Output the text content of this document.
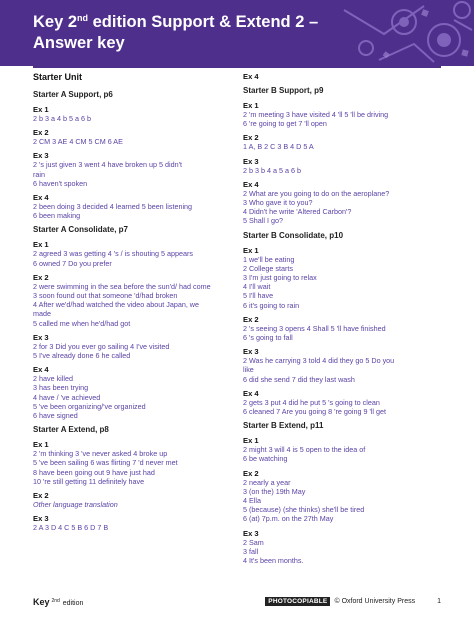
Key 2nd edition Support & Extend 2 –
Answer key
Starter Unit
Starter A Support, p6
Ex 1
2 b 3 a 4 b 5 a 6 b
Ex 2
2 CM 3 AE 4 CM 5 CM 6 AE
Ex 3
2 's just given 3 went 4 have broken up 5 didn't
rain
6 haven't spoken
Ex 4
2 been doing 3 decided 4 learned 5 been listening
6 been making
Starter A Consolidate, p7
Ex 1
2 agreed 3 was getting 4 's / is shouting 5 appears
6 owned 7 Do you prefer
Ex 2
2 were swimming in the sea before the sun'd/ had come
3 soon found out that someone 'd/had broken
4 After we'd/had watched the video about Japan, we
made
5 called me when he'd/had got
Ex 3
2 for 3 Did you ever go sailing 4 I've visited
5 I've already done 6 he called
Ex 4
2 have killed
3 has been trying
4 have / 've achieved
5 've been organizing/'ve organized
6 have signed
Starter A Extend, p8
Ex 1
2 'm thinking 3 've never asked 4 broke up
5 've been sailing 6 was flirting 7 'd never met
8 have been going out 9 have just had
10 're still getting 11 definitely have
Ex 2
Other language translation
Ex 3
2 A 3 D 4 C 5 B 6 D 7 B
Ex 4
Starter B Support, p9
Ex 1
2 'm meeting 3 have visited 4 'll 5 'll be driving
6 're going to get 7 'll open
Ex 2
1 A, B 2 C 3 B 4 D 5 A
Ex 3
2 b 3 b 4 a 5 a 6 b
Ex 4
2 What are you going to do on the aeroplane?
3 Who gave it to you?
4 Didn't he write 'Altered Carbon'?
5 Shall I go?
Starter B Consolidate, p10
Ex 1
1 we'll be eating
2 College starts
3 I'm just going to relax
4 I'll wait
5 I'll have
6 it's going to rain
Ex 2
2 's seeing 3 opens 4 Shall 5 'll have finished
6 's going to fall
Ex 3
2 Was he carrying 3 told 4 did they go 5 Do you
like
6 did she send 7 did they last wash
Ex 4
2 gets 3 put 4 did he put 5 's going to clean
6 cleaned 7 Are you going 8 're going 9 'll get
Starter B Extend, p11
Ex 1
2 might 3 will 4 is 5 open to the idea of
6 be watching
Ex 2
2 nearly a year
3 (on the) 19th May
4 Ella
5 (because) (she thinks) she'll be tired
6 (at) 7p.m. on the 27th May
Ex 3
2 Sam
3 fall
4 It's been months.
Key $^{2nd}$ edition	PHOTOCOPIABLE	© Oxford University Press	1
